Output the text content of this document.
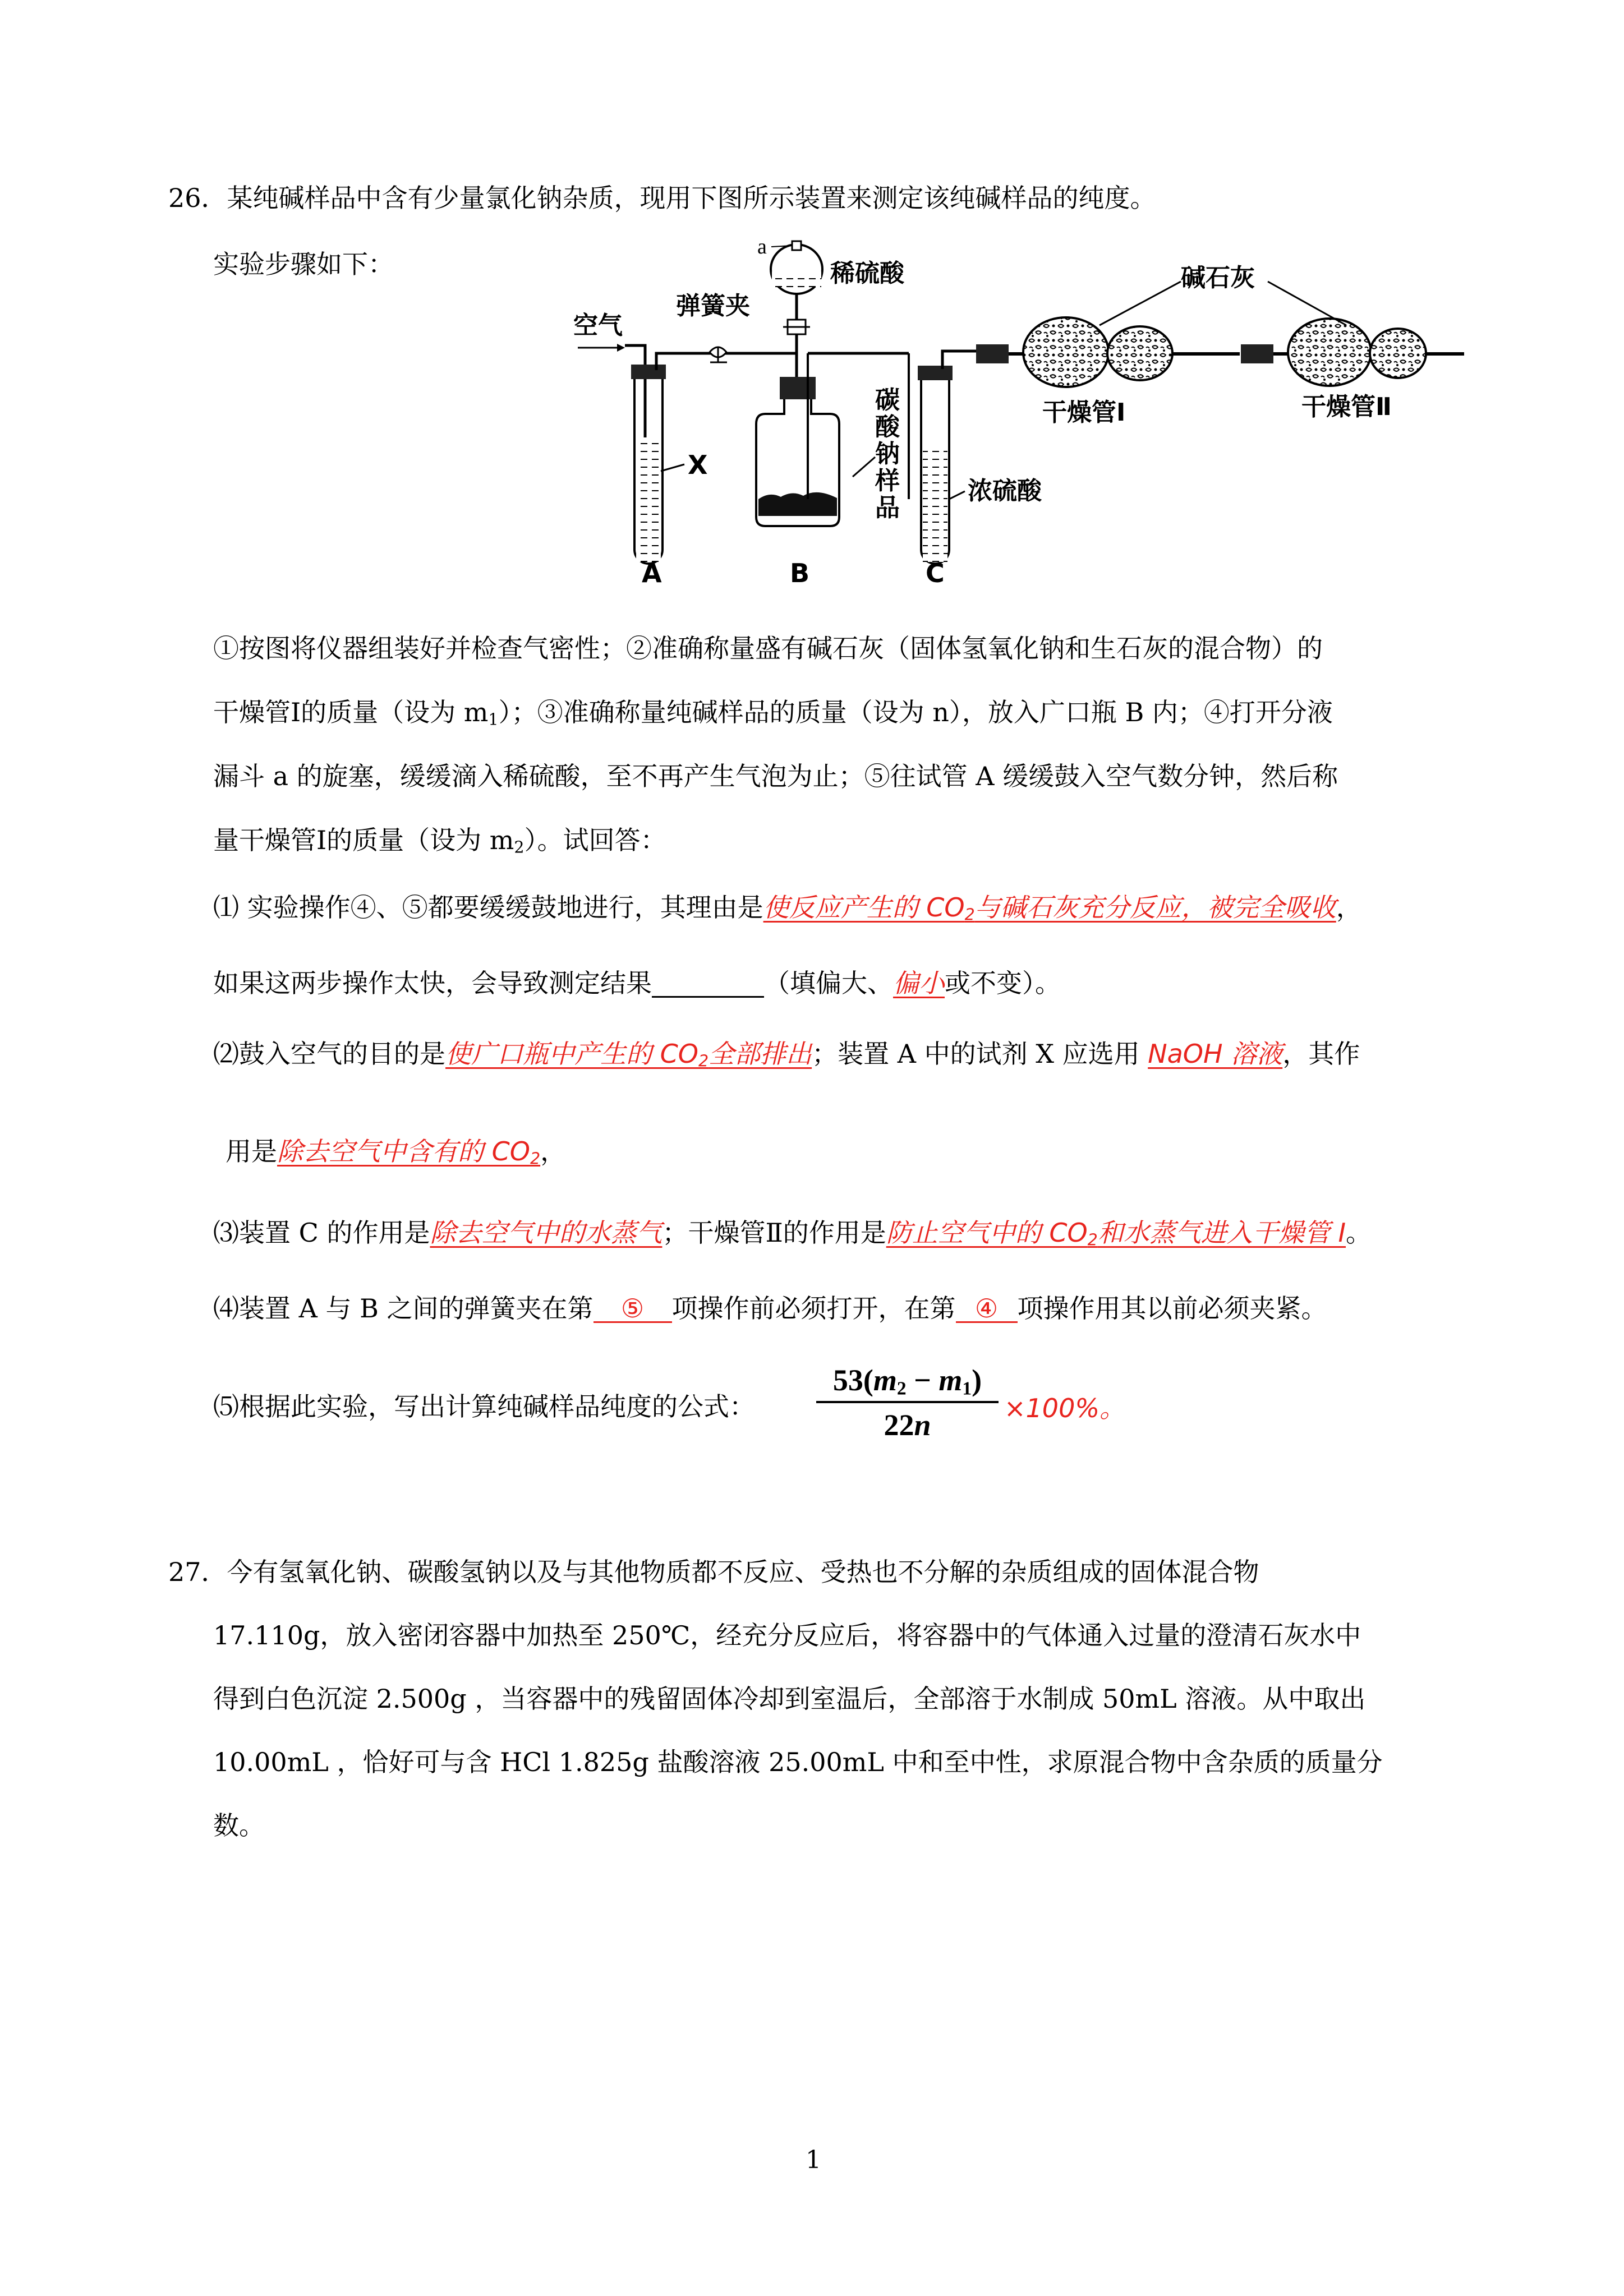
26．某纯碱样品中含有少量氯化钠杂质，现用下图所示装置来测定该纯碱样品的纯度。
实验步骤如下：
空气
X
A
弹簧夹
a
稀硫酸
B
碳
酸
钠
样
品
浓硫酸
C
干燥管Ⅰ	干燥管Ⅱ
碱石灰
①按图将仪器组装好并检查气密性；②准确称量盛有碱石灰（固体氢氧化钠和生石灰的混合物）的
干燥管Ⅰ的质量（设为 $m_1$）；③准确称量纯碱样品的质量（设为 n），放入广口瓶 B 内；④打开分液
漏斗 a 的旋塞，缓缓滴入稀硫酸，至不再产生气泡为止；⑤往试管 A 缓缓鼓入空气数分钟，然后称
量干燥管Ⅰ的质量（设为 $m_2$）。试回答：
⑴ 实验操作④、⑤都要缓缓鼓地进行，其理由是使反应产生的 $CO_2$与碱石灰充分反应，被完全吸收，
如果这两步操作太快，会导致测定结果	（填偏大、偏小或不变）。
⑵鼓入空气的目的是使广口瓶中产生的 $CO_2$全部排出；装置 A 中的试剂 X 应选用 NaOH 溶液，其作
用是除去空气中含有的 $CO_2$，
⑶装置 C 的作用是除去空气中的水蒸气；干燥管Ⅱ的作用是防止空气中的 $CO_2$和水蒸气进入干燥管 I。
⑷装置 A 与 B 之间的弹簧夹在第 ⑤ 项操作前必须打开，在第 ④ 项操作用其以前必须夹紧。
⑸根据此实验，写出计算纯碱样品纯度的公式： $\frac{53(m_2 - m_1)}{22n} \times 100\%$。
27．今有氢氧化钠、碳酸氢钠以及与其他物质都不反应、受热也不分解的杂质组成的固体混合物
17.110g，放入密闭容器中加热至 250℃，经充分反应后，将容器中的气体通入过量的澄清石灰水中
得到白色沉淀 2.500g ，当容器中的残留固体冷却到室温后，全部溶于水制成 50mL 溶液。从中取出
10.00mL ，恰好可与含 HCl 1.825g 盐酸溶液 25.00mL 中和至中性，求原混合物中含杂质的质量分
数。
1
